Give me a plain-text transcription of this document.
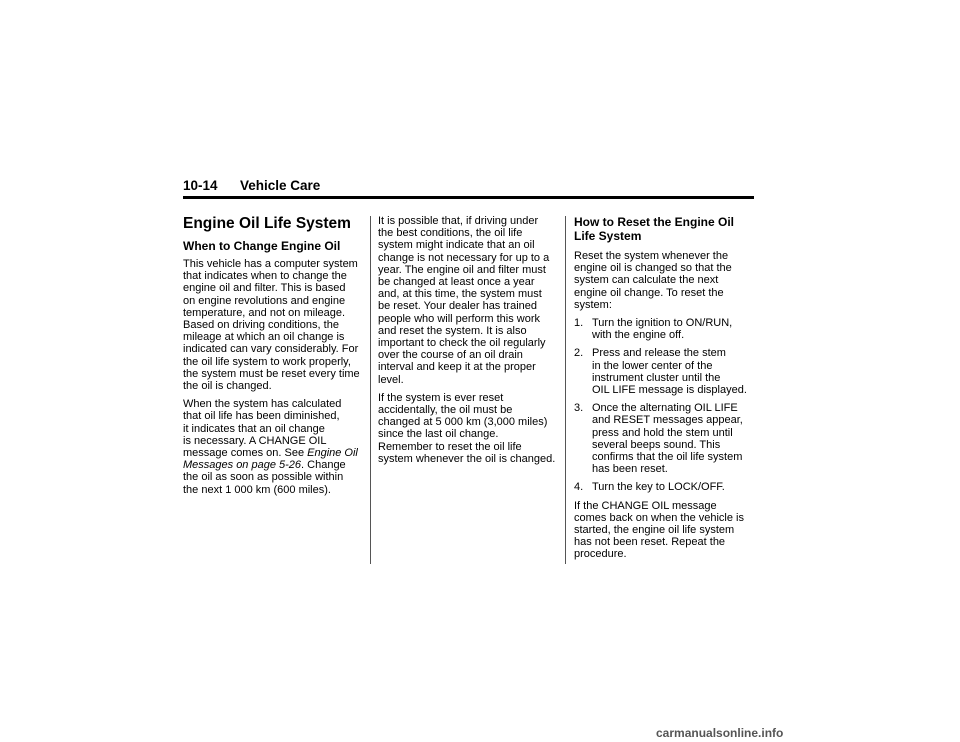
10-14 Vehicle Care
Engine Oil Life System
When to Change Engine Oil

This vehicle has a computer system
that indicates when to change the
engine oil and filter. This is based
on engine revolutions and engine
temperature, and not on mileage.
Based on driving conditions, the
mileage at which an oil change is
indicated can vary considerably. For
the oil life system to work properly,
the system must be reset every time
the oil is changed.

When the system has calculated
that oil life has been diminished,
it indicates that an oil change
is necessary. A CHANGE OIL
message comes on. See Engine Oil
Messages on page 5-26. Change
the oil as soon as possible within
the next 1 000 km (600 miles).

It is possible that, if driving under
the best conditions, the oil life
system might indicate that an oil
change is not necessary for up to a
year. The engine oil and filter must
be changed at least once a year
and, at this time, the system must
be reset. Your dealer has trained
people who will perform this work
and reset the system. It is also
important to check the oil regularly
over the course of an oil drain
interval and keep it at the proper
level.

If the system is ever reset
accidentally, the oil must be
changed at 5 000 km (3,000 miles)
since the last oil change.
Remember to reset the oil life
system whenever the oil is changed.

How to Reset the Engine Oil
Life System

Reset the system whenever the
engine oil is changed so that the
system can calculate the next
engine oil change. To reset the
system:

1. Turn the ignition to ON/RUN,
with the engine off.
2. Press and release the stem
in the lower center of the
instrument cluster until the
OIL LIFE message is displayed.
3. Once the alternating OIL LIFE
and RESET messages appear,
press and hold the stem until
several beeps sound. This
confirms that the oil life system
has been reset.
4. Turn the key to LOCK/OFF.

If the CHANGE OIL message
comes back on when the vehicle is
started, the engine oil life system
has not been reset. Repeat the
procedure.

carmanualsonline.info
